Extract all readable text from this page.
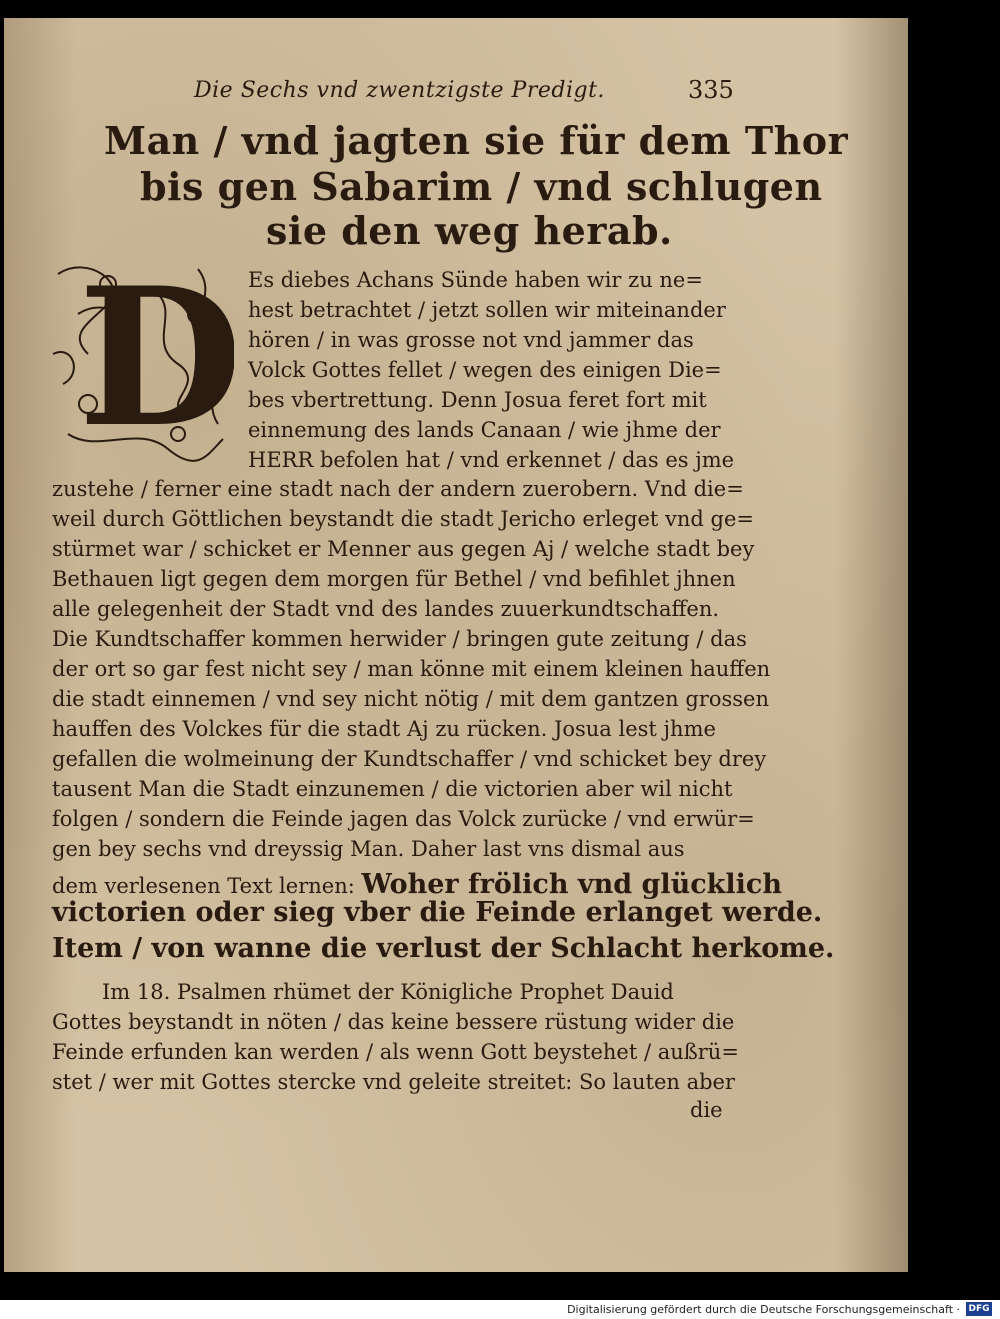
Die Sechs vnd zwentzigste Predigt.	335
Man / vnd jagten sie für dem Thor
bis gen Sabarim / vnd schlugen
sie den weg herab.
D Es diebes Achans Sünde haben wir zu ne=
hest betrachtet / jetzt sollen wir miteinander
hören / in was grosse not vnd jammer das
Volck Gottes fellet / wegen des einigen Die=
bes vbertrettung. Denn Josua feret fort mit
einnemung des lands Canaan / wie jhme der
HERR befolen hat / vnd erkennet / das es jme
zustehe / ferner eine stadt nach der andern zuerobern. Vnd die=
weil durch Göttlichen beystandt die stadt Jericho erleget vnd ge=
stürmet war / schicket er Menner aus gegen Aj / welche stadt bey
Bethauen ligt gegen dem morgen für Bethel / vnd befihlet jhnen
alle gelegenheit der Stadt vnd des landes zuuerkundtschaffen.
Die Kundtschaffer kommen herwider / bringen gute zeitung / das
der ort so gar fest nicht sey / man könne mit einem kleinen hauffen
die stadt einnemen / vnd sey nicht nötig / mit dem gantzen grossen
hauffen des Volckes für die stadt Aj zu rücken. Josua lest jhme
gefallen die wolmeinung der Kundtschaffer / vnd schicket bey drey
tausent Man die Stadt einzunemen / die victorien aber wil nicht
folgen / sondern die Feinde jagen das Volck zurücke / vnd erwür=
gen bey sechs vnd dreyssig Man. Daher last vns dismal aus
dem verlesenen Text lernen: Woher frölich vnd glücklich
victorien oder sieg vber die Feinde erlanget werde.
Item / von wanne die verlust der Schlacht herkome.
Im 18. Psalmen rhümet der Königliche Prophet Dauid
Gottes beystandt in nöten / das keine bessere rüstung wider die
Feinde erfunden kan werden / als wenn Gott beystehet / außrü=
stet / wer mit Gottes stercke vnd geleite streitet: So lauten aber
die
Digitalisierung gefördert durch die Deutsche Forschungsgemeinschaft · DFG
